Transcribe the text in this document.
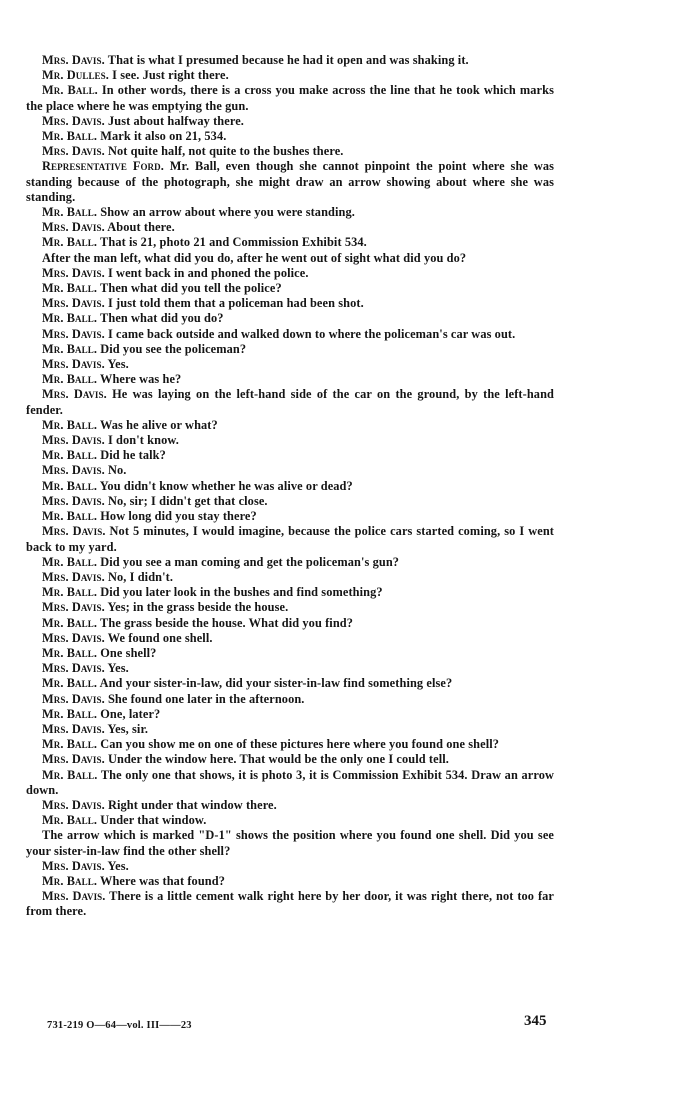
Mrs. Davis. That is what I presumed because he had it open and was shaking it.

Mr. Dulles. I see. Just right there.

Mr. Ball. In other words, there is a cross you make across the line that he took which marks the place where he was emptying the gun.

Mrs. Davis. Just about halfway there.

Mr. Ball. Mark it also on 21, 534.

Mrs. Davis. Not quite half, not quite to the bushes there.

Representative Ford. Mr. Ball, even though she cannot pinpoint the point where she was standing because of the photograph, she might draw an arrow showing about where she was standing.

Mr. Ball. Show an arrow about where you were standing.

Mrs. Davis. About there.

Mr. Ball. That is 21, photo 21 and Commission Exhibit 534.

After the man left, what did you do, after he went out of sight what did you do?

Mrs. Davis. I went back in and phoned the police.

Mr. Ball. Then what did you tell the police?

Mrs. Davis. I just told them that a policeman had been shot.

Mr. Ball. Then what did you do?

Mrs. Davis. I came back outside and walked down to where the policeman's car was out.

Mr. Ball. Did you see the policeman?

Mrs. Davis. Yes.

Mr. Ball. Where was he?

Mrs. Davis. He was laying on the left-hand side of the car on the ground, by the left-hand fender.

Mr. Ball. Was he alive or what?

Mrs. Davis. I don't know.

Mr. Ball. Did he talk?

Mrs. Davis. No.

Mr. Ball. You didn't know whether he was alive or dead?

Mrs. Davis. No, sir; I didn't get that close.

Mr. Ball. How long did you stay there?

Mrs. Davis. Not 5 minutes, I would imagine, because the police cars started coming, so I went back to my yard.

Mr. Ball. Did you see a man coming and get the policeman's gun?

Mrs. Davis. No, I didn't.

Mr. Ball. Did you later look in the bushes and find something?

Mrs. Davis. Yes; in the grass beside the house.

Mr. Ball. The grass beside the house. What did you find?

Mrs. Davis. We found one shell.

Mr. Ball. One shell?

Mrs. Davis. Yes.

Mr. Ball. And your sister-in-law, did your sister-in-law find something else?

Mrs. Davis. She found one later in the afternoon.

Mr. Ball. One, later?

Mrs. Davis. Yes, sir.

Mr. Ball. Can you show me on one of these pictures here where you found one shell?

Mrs. Davis. Under the window here. That would be the only one I could tell.

Mr. Ball. The only one that shows, it is photo 3, it is Commission Exhibit 534. Draw an arrow down.

Mrs. Davis. Right under that window there.

Mr. Ball. Under that window.

The arrow which is marked "D-1" shows the position where you found one shell. Did you see your sister-in-law find the other shell?

Mrs. Davis. Yes.

Mr. Ball. Where was that found?

Mrs. Davis. There is a little cement walk right here by her door, it was right there, not too far from there.

731-219 O—64—vol. III——23	345
